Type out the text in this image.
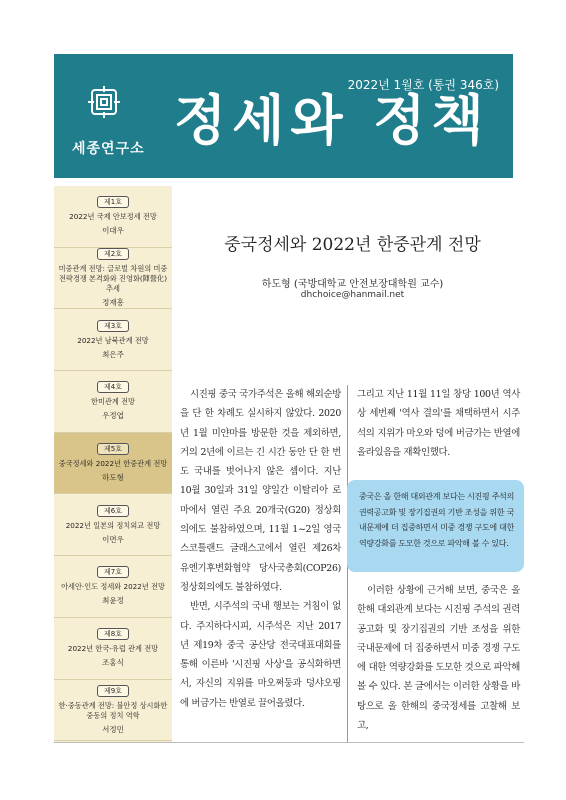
2022년 1월호 (통권 346호)
세종연구소 정세와 정책
제1호
2022년 국제 안보정세 전망
이대우
제2호
미중관계 전망: 글로벌 차원의 미중전략경쟁 본격화와 진영화(陣營化) 추세
정재흥
제3호
2022년 남북관계 전망
최은주
제4호
한미관계 전망
우정엽
제5호
중국정세와 2022년 한중관계 전망
하도형
제6호
2022년 일본의 정치외교 전망
이면우
제7호
아세안·인도 정세와 2022년 전망
최윤정
제8호
2022년 한국-유럽 관계 전망
조홍식
제9호
한·중동관계 전망: 불안정 상시화한 중동의 정치 역학
서정민
중국정세와 2022년 한중관계 전망
하도형 (국방대학교 안전보장대학원 교수)
dhchoice@hanmail.net

시진핑 중국 국가주석은 올해 해외순방을 단 한 차례도 실시하지 않았다. 2020년 1월 미얀마를 방문한 것을 제외하면, 거의 2년에 이르는 긴 시간 동안 단 한 번도 국내를 벗어나지 않은 셈이다. 지난 10월 30일과 31일 양일간 이탈리아 로마에서 열린 주요 20개국(G20) 정상회의에도 불참하였으며, 11월 1~2일 영국 스코틀랜드 글래스고에서 열린 제26차 유엔기후변화협약 당사국총회(COP26) 정상회의에도 불참하였다.

반면, 시주석의 국내 행보는 거침이 없다. 주지하다시피, 시주석은 지난 2017년 제19차 중국 공산당 전국대표대회를 통해 이른바 '시진핑 사상'을 공식화하면서, 자신의 지위를 마오쩌둥과 덩샤오핑에 버금가는 반열로 끌어올렸다.

그리고 지난 11월 11일 창당 100년 역사상 세번째 '역사 결의'를 채택하면서 시주석의 지위가 마오와 덩에 버금가는 반열에 올라있음을 재확인했다.

중국은 올 한해 대외관계 보다는 시진핑 주석의 권력공고화 및 장기집권의 기반 조성을 위한 국내문제에 더 집중하면서 미중 경쟁 구도에 대한 역량강화를 도모한 것으로 파악해 볼 수 있다.

이러한 상황에 근거해 보면, 중국은 올 한해 대외관계 보다는 시진핑 주석의 권력공고화 및 장기집권의 기반 조성을 위한 국내문제에 더 집중하면서 미중 경쟁 구도에 대한 역량강화를 도모한 것으로 파악해 볼 수 있다. 본 글에서는 이러한 상황을 바탕으로 올 한해의 중국정세를 고찰해 보고,
